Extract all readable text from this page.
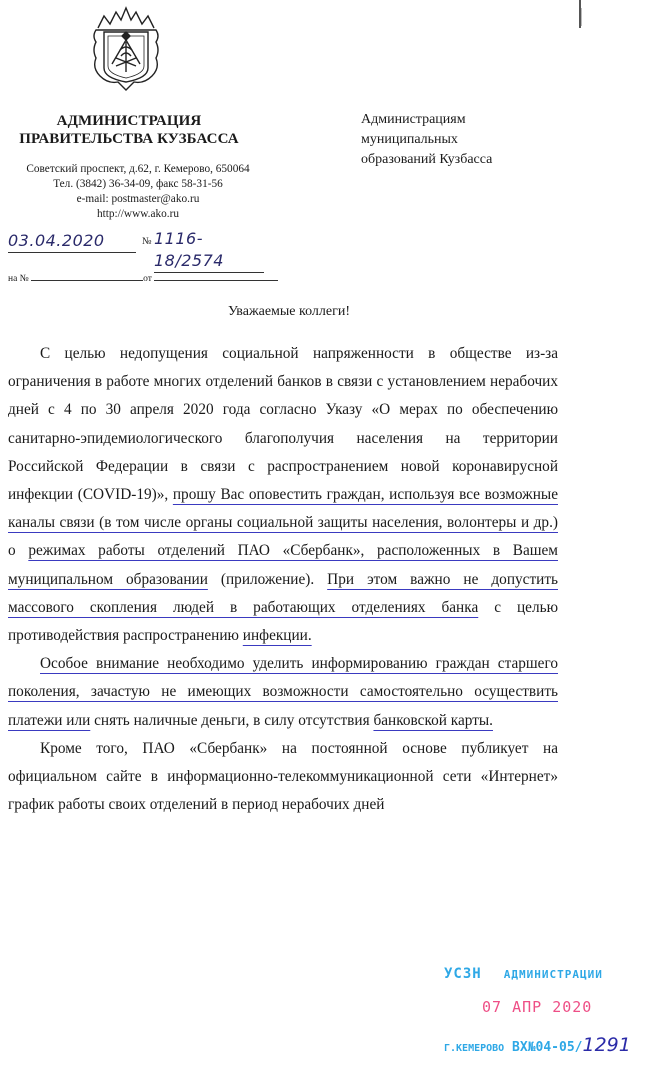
АДМИНИСТРАЦИЯ
ПРАВИТЕЛЬСТВА КУЗБАССА
Советский проспект, д.62, г. Кемерово, 650064
Тел. (3842) 36-34-09, факс 58-31-56
e-mail: postmaster@ako.ru
http://www.ako.ru
Администрациям
муниципальных
образований Кузбасса
03.04.2020	№ 1116-18/2574
на №	от
Уважаемые коллеги!

С целью недопущения социальной напряженности в обществе из-за ограничения в работе многих отделений банков в связи с установлением нерабочих дней с 4 по 30 апреля 2020 года согласно Указу «О мерах по обеспечению санитарно-эпидемиологического благополучия населения на территории Российской Федерации в связи с распространением новой коронавирусной инфекции (COVID-19)», прошу Вас оповестить граждан, используя все возможные каналы связи (в том числе органы социальной защиты населения, волонтеры и др.) о режимах работы отделений ПАО «Сбербанк», расположенных в Вашем муниципальном образовании (приложение). При этом важно не допустить массового скопления людей в работающих отделениях банка с целью противодействия распространению инфекции.

Особое внимание необходимо уделить информированию граждан старшего поколения, зачастую не имеющих возможности самостоятельно осуществить платежи или снять наличные деньги, в силу отсутствия банковской карты.

Кроме того, ПАО «Сбербанк» на постоянной основе публикует на официальном сайте в информационно-телекоммуникационной сети «Интернет» график работы своих отделений в период нерабочих дней

УСЗН АДМИНИСТРАЦИИ
07 АПР 2020
Г.КЕМЕРОВО ВХ№04-05/1291
